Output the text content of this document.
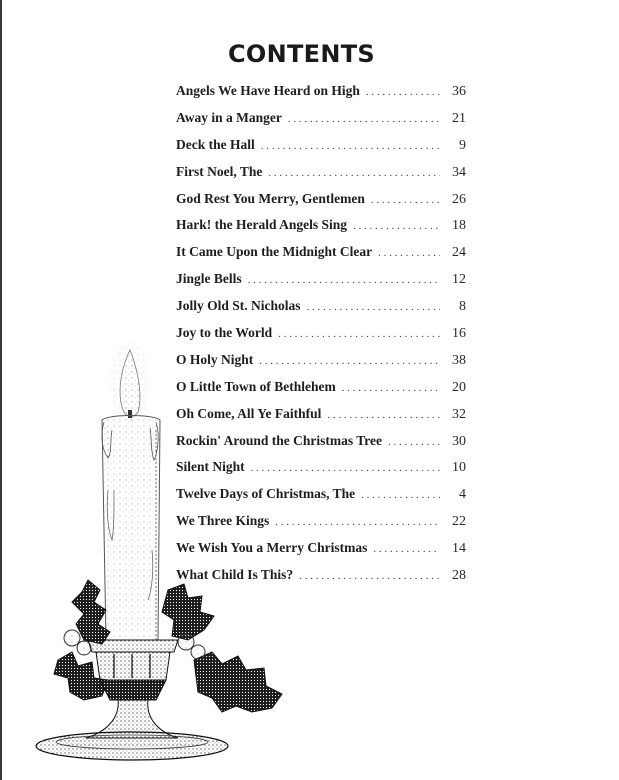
CONTENTS
Angels We Have Heard on High . . .	36
Away in a Manger . . .	21
Deck the Hall . . .	9
First Noel, The . . .	34
God Rest You Merry, Gentlemen . . .	26
Hark! the Herald Angels Sing . . .	18
It Came Upon the Midnight Clear . . .	24
Jingle Bells . . .	12
Jolly Old St. Nicholas . . .	8
Joy to the World . . .	16
O Holy Night . . .	38
O Little Town of Bethlehem . . .	20
Oh Come, All Ye Faithful . . .	32
Rockin' Around the Christmas Tree . . .	30
Silent Night . . .	10
Twelve Days of Christmas, The . . .	4
We Three Kings . . .	22
We Wish You a Merry Christmas . . .	14
What Child Is This? . . .	28
